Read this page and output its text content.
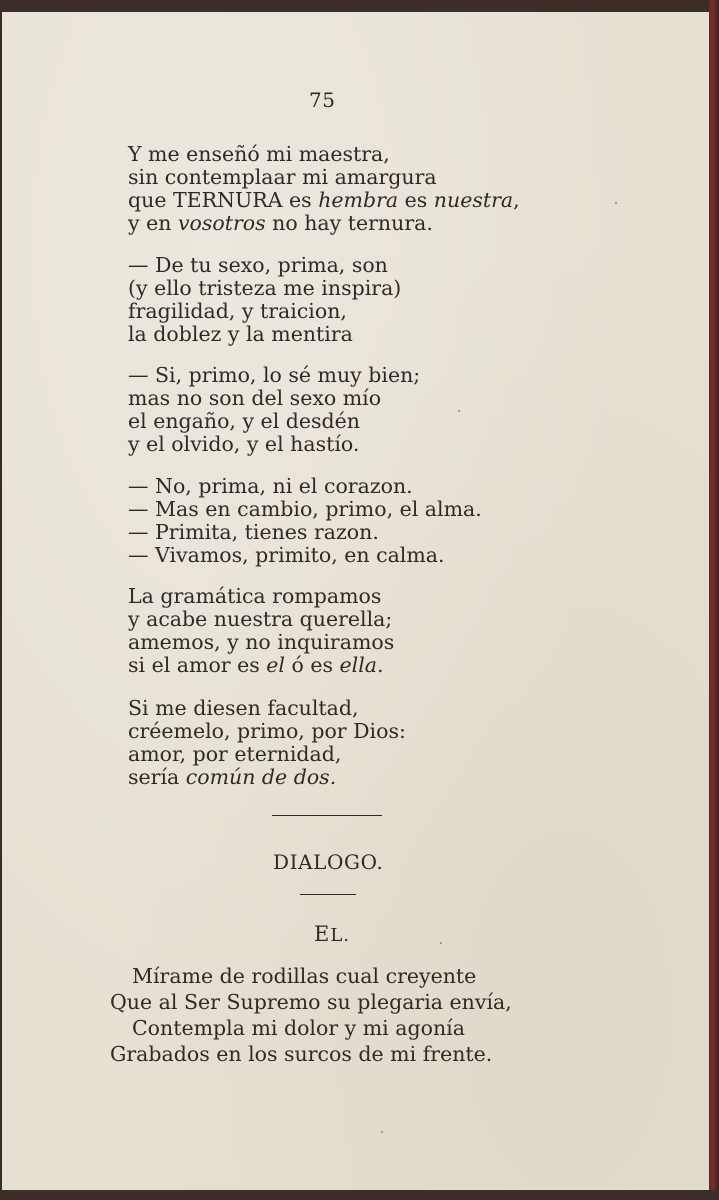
75
Y me enseñó mi maestra,
sin contemplaar mi amargura
que TERNURA es hembra es nuestra,
y en vosotros no hay ternura.
— De tu sexo, prima, son
(y ello tristeza me inspira)
fragilidad, y traicion,
la doblez y la mentira
— Si, primo, lo sé muy bien;
mas no son del sexo mío
el engaño, y el desdén
y el olvido, y el hastío.
— No, prima, ni el corazon.
— Mas en cambio, primo, el alma.
— Primita, tienes razon.
— Vivamos, primito, en calma.
La gramática rompamos
y acabe nuestra querella;
amemos, y no inquiramos
si el amor es el ó es ella.
Si me diesen facultad,
créemelo, primo, por Dios:
amor, por eternidad,
sería común de dos.
DIALOGO.
EL.
Mírame de rodillas cual creyente
Que al Ser Supremo su plegaria envía,
Contempla mi dolor y mi agonía
Grabados en los surcos de mi frente.
